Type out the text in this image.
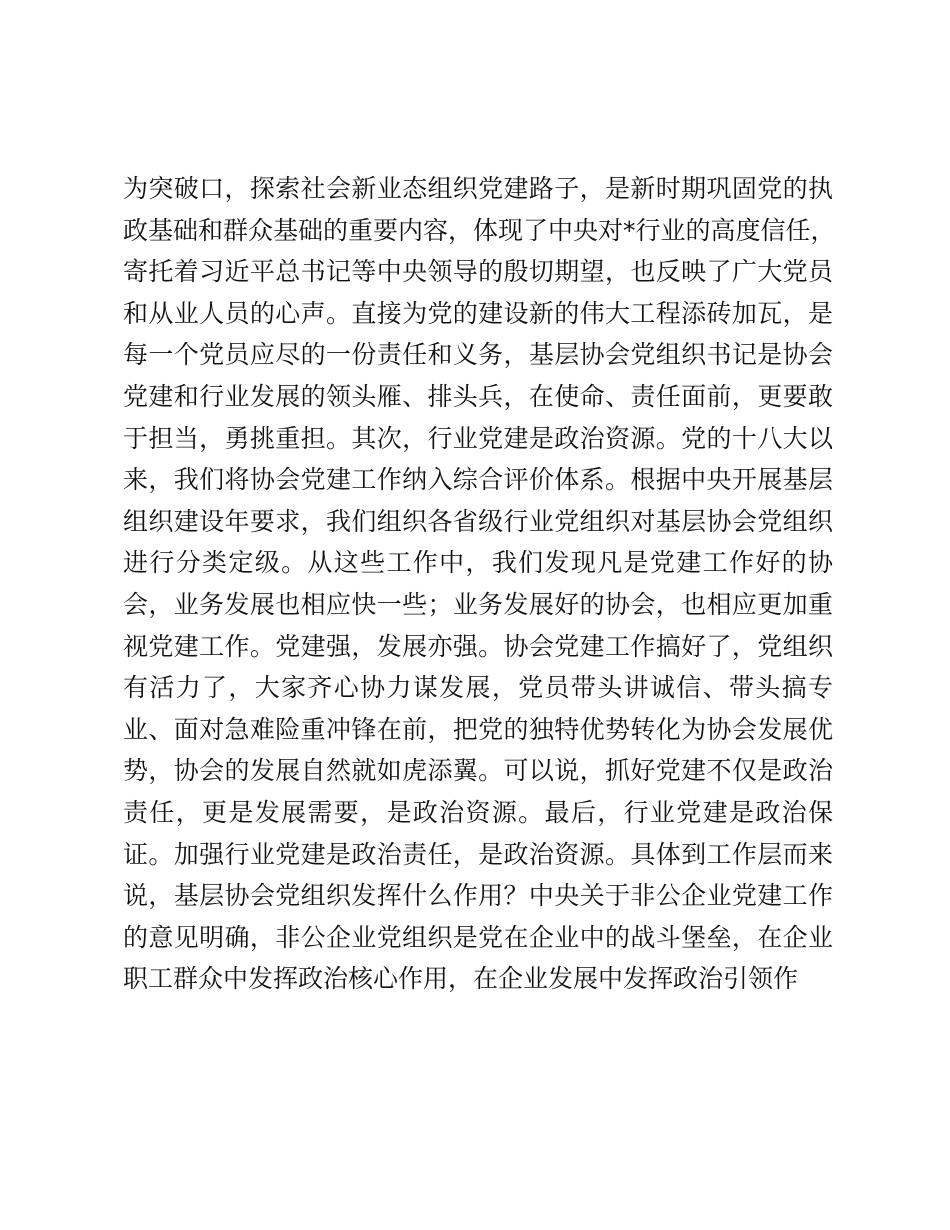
为突破口，探索社会新业态组织党建路子，是新时期巩固党的执
政基础和群众基础的重要内容，体现了中央对*行业的高度信任，
寄托着习近平总书记等中央领导的殷切期望，也反映了广大党员
和从业人员的心声。直接为党的建设新的伟大工程添砖加瓦，是
每一个党员应尽的一份责任和义务，基层协会党组织书记是协会
党建和行业发展的领头雁、排头兵，在使命、责任面前，更要敢
于担当，勇挑重担。其次，行业党建是政治资源。党的十八大以
来，我们将协会党建工作纳入综合评价体系。根据中央开展基层
组织建设年要求，我们组织各省级行业党组织对基层协会党组织
进行分类定级。从这些工作中，我们发现凡是党建工作好的协
会，业务发展也相应快一些；业务发展好的协会，也相应更加重
视党建工作。党建强，发展亦强。协会党建工作搞好了，党组织
有活力了，大家齐心协力谋发展，党员带头讲诚信、带头搞专
业、面对急难险重冲锋在前，把党的独特优势转化为协会发展优
势，协会的发展自然就如虎添翼。可以说，抓好党建不仅是政治
责任，更是发展需要，是政治资源。最后，行业党建是政治保
证。加强行业党建是政治责任，是政治资源。具体到工作层而来
说，基层协会党组织发挥什么作用？中央关于非公企业党建工作
的意见明确，非公企业党组织是党在企业中的战斗堡垒，在企业
职工群众中发挥政治核心作用，在企业发展中发挥政治引领作
